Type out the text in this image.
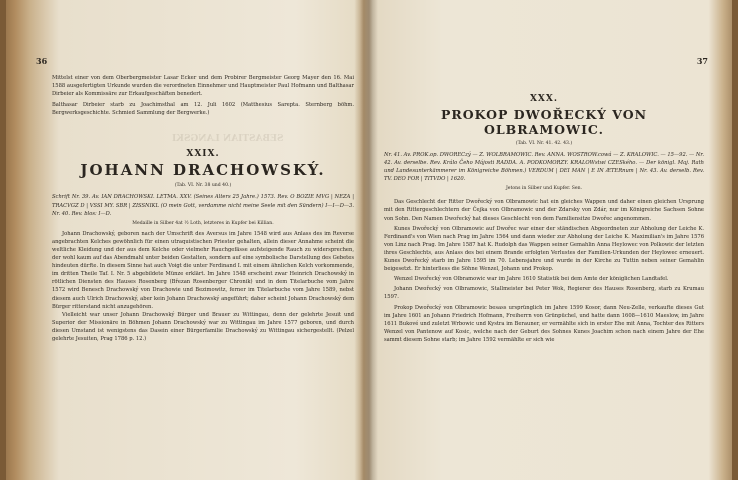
36
Mittelst einer von dem Oberbergmeister Lasar Ecker und dem Probirer Bergmeister Georg Mayer den 16. Mai 1588 ausgefertigten Urkunde wurden die verordneten Einnehmer und Hauptmeister Paul Hofmann und Balthasar Dirbeier als Kommissäre zur Erkaufgeschäften benedert.
Balthasar Dirbeier starb zu Joachimsthal am 12. Juli 1602 (Matthesius Sarepta. Sternberg böhm. Bergwerksgeschichte. Schmied Sammlung der Bergwerke.)
SEBASTIAN LANGSKI
XXIX.
JOHANN DRACHOWSKÝ.
(Tab. VI. Nr. 38 und 40.)
Schrift Nr. 39. Av. IAN DRACHOWSKI. LETMA. XXV. (Seines Alters 25 Jahre.) 1573. Rev. O BOZIE MVG | NEZA | TRACVGZ D | VSSI MY. SBR | ZISSNIKL (O mein Gott, verdamme nicht meine Seele mit den Sündern) I—I—D—3. Nr. 40. Rev. blos: I—D.
Medaille in Silber 4at ½ Loth, letzteres in Kupfer bei Killian.
Johann Drachowský, geboren nach der Umschrift des Aversus im Jahre 1548 wird aus Anlass des im Reverse angebrachten Kelches gewöhnlich für einen utraquistischen Priester gehalten, allein dieser Annahme scheint die weltliche Kleidung und der aus dem Kelche oder vielmehr Rauchgefässe aufsteigende Rauch zu widersprechen, der wohl kaum auf das Abendmahl unter beiden Gestalten, sondern auf eine symbolische Darstellung des Gebetes hindeuten dürfte. In diesem Sinne hat auch Voigt die unter Ferdinand I. mit einem ähnlichen Kelch vorkommende, im dritten Theile Taf. I. Nr. 5 abgebildete Münze erklärt. Im Jahre 1548 erscheint zwar Heinrich Drachowský in rötlichen Diensten des Hauses Rosenberg (Březan Rosenberger Chronik) und in dem Titelarbuche vom Jahre 1572 wird Benesch Drachowský von Drachowie und Bezimowitz, ferner im Titelarbuche vom Jahre 1589, nebst diesem auch Ulrich Drachowský, aber kein Johann Drachowský angeführt; daher scheint Johann Drachowský dem Bürger ritterstand nicht anzugehören.
Vielleicht war unser Johann Drachowský Bürger und Brauer zu Wittingau, denn der gelehrte Jesuit und Superior der Missionäre in Böhmen Johann Drachowský war zu Wittingau im Jahre 1577 geboren, und durch diesen Umstand ist wenigstens das Dasein einer Bürgerfamilie Drachowský zu Wittingau sichergestellt. (Pelzel gelehrte Jesuiten, Prag 1786 p. 12.)
37
XXX.
PROKOP DWOŘECKÝ VON OLBRAMOWIC.
(Tab. VI. Nr. 41. 42. 43.)
Nr. 41. Av. PROK.op. DWORECzý — Z. WOLBRAMOWIC. Rev. ANNA. WOSTROW.cowá — Z. KRALOWIC. — 15—92. — Nr. 42. Av. derselbe. Rev. Králo Čeho Májosti RADDA. A. PODKOMORZY. KRALOWstwi CZESkého. — Der königl. Maj. Rath und Landesunterkämmerer im Königreiche Böhmen.) VERDUM | DEI MAN | E IN ÆTERnum | Nr. 43. Av. derselb. Rev. TV. DEO FOR | TITVDO | 1620.
Jetons in Silber und Kupfer. Sen.
Das Geschlecht der Ritter Dwořecký von Olbramowic hat ein gleiches Wappen und daher einen gleichen Ursprung mit den Rittergeschlechtern der Čejka von Olbramowic und der Zdarsky von Zdár, nur im Königreiche Sachsen Sohne von Sohn. Den Namen Dwořecký hat dieses Geschlecht von dem Familiensitze Dwořec angenommen.
Kunes Dwořecký von Olbramowic auf Dwořec war einer der ständischen Abgeordneten zur Abholung der Leiche K. Ferdinand's von Wien nach Prag im Jahre 1564 und dann wieder zur Abholung der Leiche K. Maximilian's im Jahre 1576 von Linz nach Prag. Im Jahre 1587 hat K. Rudolph das Wappen seiner Gemahlin Anna Heylowec von Polkowic der letzten ihres Geschlechts, aus Anlass des bei einem Brande erfolgten Verlustes der Familien-Urkunden der Heylowec erneuert. Kunes Dwořecký starb im Jahre 1595 im 70. Lebensjahre und wurde in der Kirche zu Tuttin neben seiner Gemahlin beigesetzt. Er hinterliess die Söhne Wenzel, Johann und Prokop.
Wenzel Dwořecký von Olbramowic war im Jahre 1610 Statistik bei dem Amte der königlichen Landtafel.
Johann Dwořecký von Olbramowic, Stallmeister bei Peter Wok, Regierer des Hauses Rosenberg, starb zu Krumau 1597.
Prokop Dwořecký von Olbramowic besass ursprünglich im Jahre 1599 Kosor, dann Neu-Zelle, verkaufte dieses Gut im Jahre 1601 an Johann Friedrich Hofmann, Freiherrn von Grünpüchel, und hatte dann 1608—1610 Maeslow, im Jahre 1611 Bukové und zuletzt Wrbowic und Kystra im Berauner, er vermählte sich in erster Ehe mit Anna, Tochter des Ritters Wenzel von Pantenow auf Kosic, welche nach der Geburt des Sohnes Kunes Joachim schon nach einem Jahre der Ehe sammt diesem Sohne starb; im Jahre 1592 vermählte er sich wie
